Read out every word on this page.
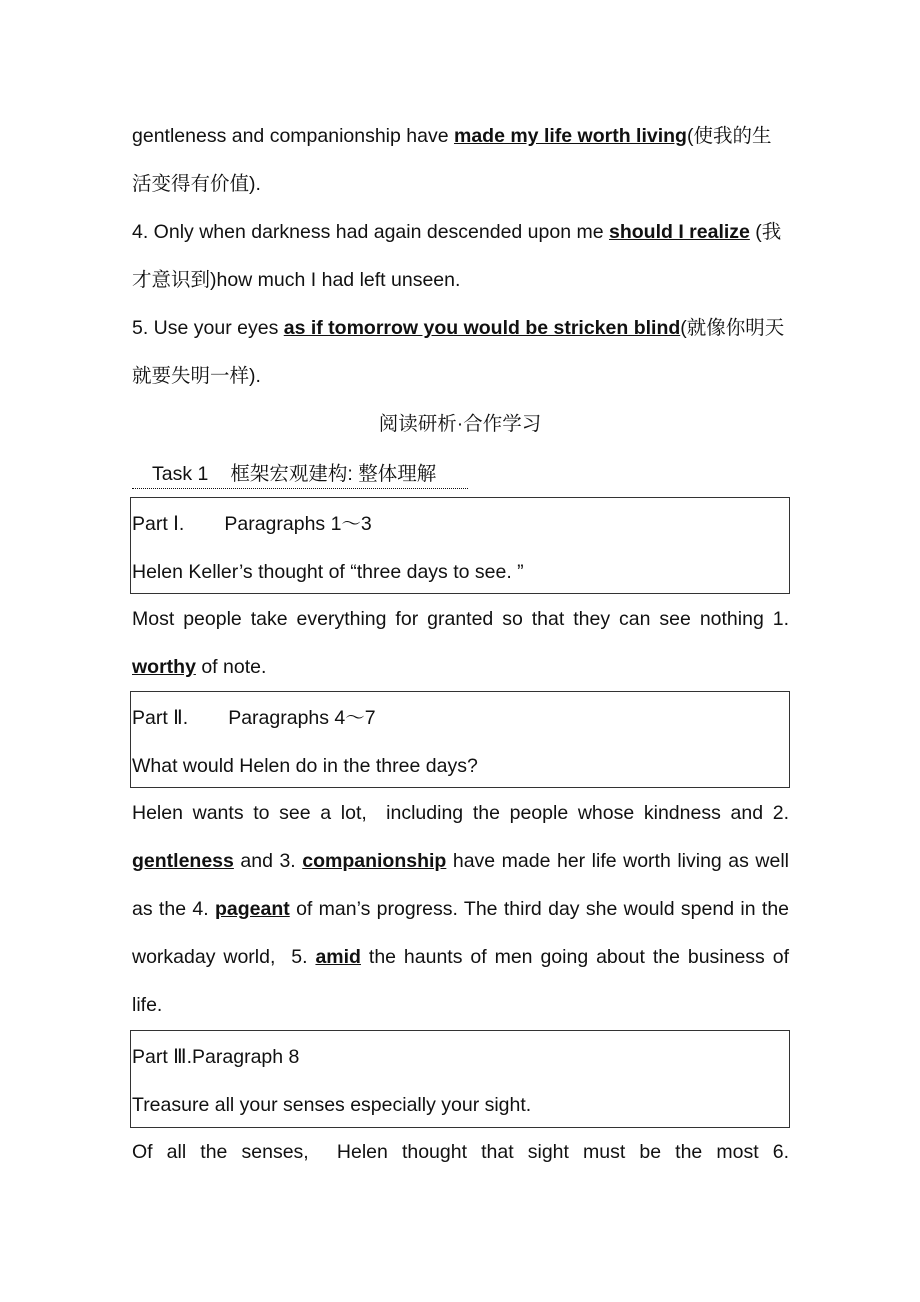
gentleness and companionship have made my life worth living(使我的生
活变得有价值).
4. Only when darkness had again descended upon me should I realize (我
才意识到)how much I had left unseen.
5. Use your eyes as if tomorrow you would be stricken blind(就像你明天
就要失明一样).
阅读研析·合作学习
Task 1 框架宏观建构: 整体理解
Part Ⅰ. Paragraphs 1～3
Helen Keller’s thought of “three days to see. ”
Most people take everything for granted so that they can see nothing 1.
worthy of note.
Part Ⅱ. Paragraphs 4～7
What would Helen do in the three days?
Helen wants to see a lot,  including the people whose kindness and 2.
gentleness and 3. companionship have made her life worth living as well
as the 4. pageant of man’s progress. The third day she would spend in the
workaday world,  5. amid the haunts of men going about the business of
life.
Part Ⅲ.Paragraph 8
Treasure all your senses especially your sight.
Of all the senses,  Helen thought that sight must be the most 6.
